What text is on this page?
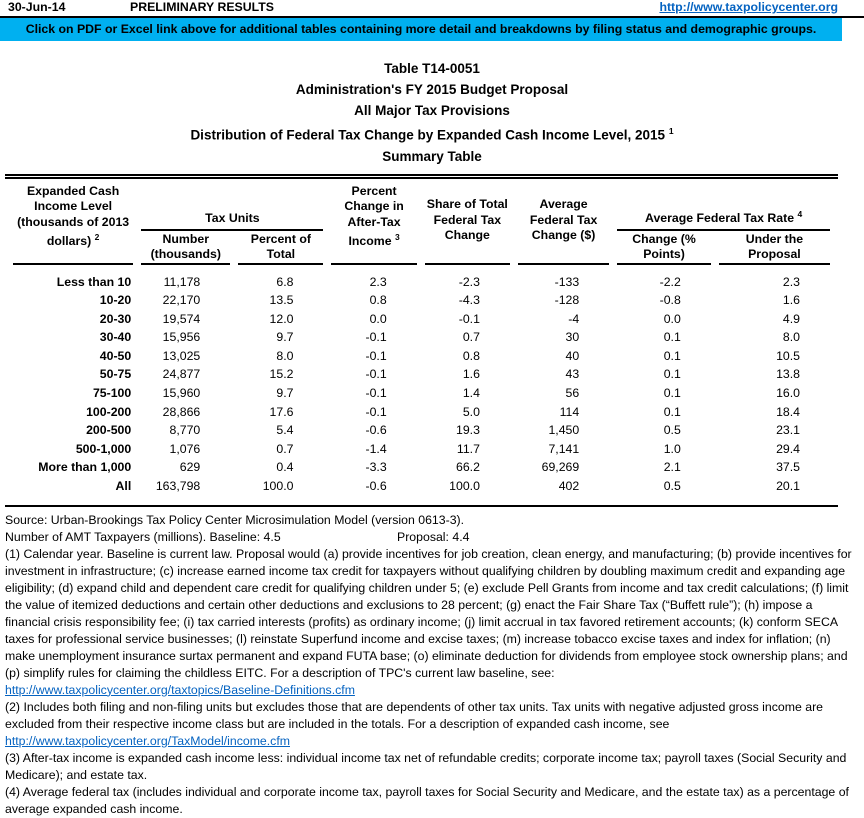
30-Jun-14	PRELIMINARY RESULTS	http://www.taxpolicycenter.org
Click on PDF or Excel link above for additional tables containing more detail and breakdowns by filing status and demographic groups.
Table T14-0051
Administration's FY 2015 Budget Proposal
All Major Tax Provisions
Distribution of Federal Tax Change by Expanded Cash Income Level, 2015 $^1$
Summary Table
Expanded Cash Income Level (thousands of 2013 dollars) $^2$	Tax Units		Percent Change in After-Tax Income $^3$	Share of Total Federal Tax Change	Average Federal Tax Change ($)	Average Federal Tax Rate $^4$
	Number (thousands)	Percent of Total				Change (% Points)	Under the Proposal
Less than 10	11,178	6.8	2.3	-2.3	-133	-2.2	2.3
10-20	22,170	13.5	0.8	-4.3	-128	-0.8	1.6
20-30	19,574	12.0	0.0	-0.1	-4	0.0	4.9
30-40	15,956	9.7	-0.1	0.7	30	0.1	8.0
40-50	13,025	8.0	-0.1	0.8	40	0.1	10.5
50-75	24,877	15.2	-0.1	1.6	43	0.1	13.8
75-100	15,960	9.7	-0.1	1.4	56	0.1	16.0
100-200	28,866	17.6	-0.1	5.0	114	0.1	18.4
200-500	8,770	5.4	-0.6	19.3	1,450	0.5	23.1
500-1,000	1,076	0.7	-1.4	11.7	7,141	1.0	29.4
More than 1,000	629	0.4	-3.3	66.2	69,269	2.1	37.5
All	163,798	100.0	-0.6	100.0	402	0.5	20.1

Source: Urban-Brookings Tax Policy Center Microsimulation Model (version 0613-3).

Number of AMT Taxpayers (millions). Baseline: 4.5	Proposal: 4.4

(1) Calendar year. Baseline is current law. Proposal would (a) provide incentives for job creation, clean energy, and manufacturing; (b) provide incentives for investment in infrastructure; (c) increase earned income tax credit for taxpayers without qualifying children by doubling maximum credit and expanding age eligibility; (d) expand child and dependent care credit for qualifying children under 5; (e) exclude Pell Grants from income and tax credit calculations; (f) limit the value of itemized deductions and certain other deductions and exclusions to 28 percent; (g) enact the Fair Share Tax (“Buffett rule”); (h) impose a financial crisis responsibility fee; (i) tax carried interests (profits) as ordinary income; (j) limit accrual in tax favored retirement accounts; (k) conform SECA taxes for professional service businesses; (l) reinstate Superfund income and excise taxes; (m) increase tobacco excise taxes and index for inflation; (n) make unemployment insurance surtax permanent and expand FUTA base; (o) eliminate deduction for dividends from employee stock ownership plans; and (p) simplify rules for claiming the childless EITC. For a description of TPC's current law baseline, see:

http://www.taxpolicycenter.org/taxtopics/Baseline-Definitions.cfm

(2) Includes both filing and non-filing units but excludes those that are dependents of other tax units. Tax units with negative adjusted gross income are excluded from their respective income class but are included in the totals. For a description of expanded cash income, see

http://www.taxpolicycenter.org/TaxModel/income.cfm

(3) After-tax income is expanded cash income less: individual income tax net of refundable credits; corporate income tax; payroll taxes (Social Security and Medicare); and estate tax.

(4) Average federal tax (includes individual and corporate income tax, payroll taxes for Social Security and Medicare, and the estate tax) as a percentage of average expanded cash income.
